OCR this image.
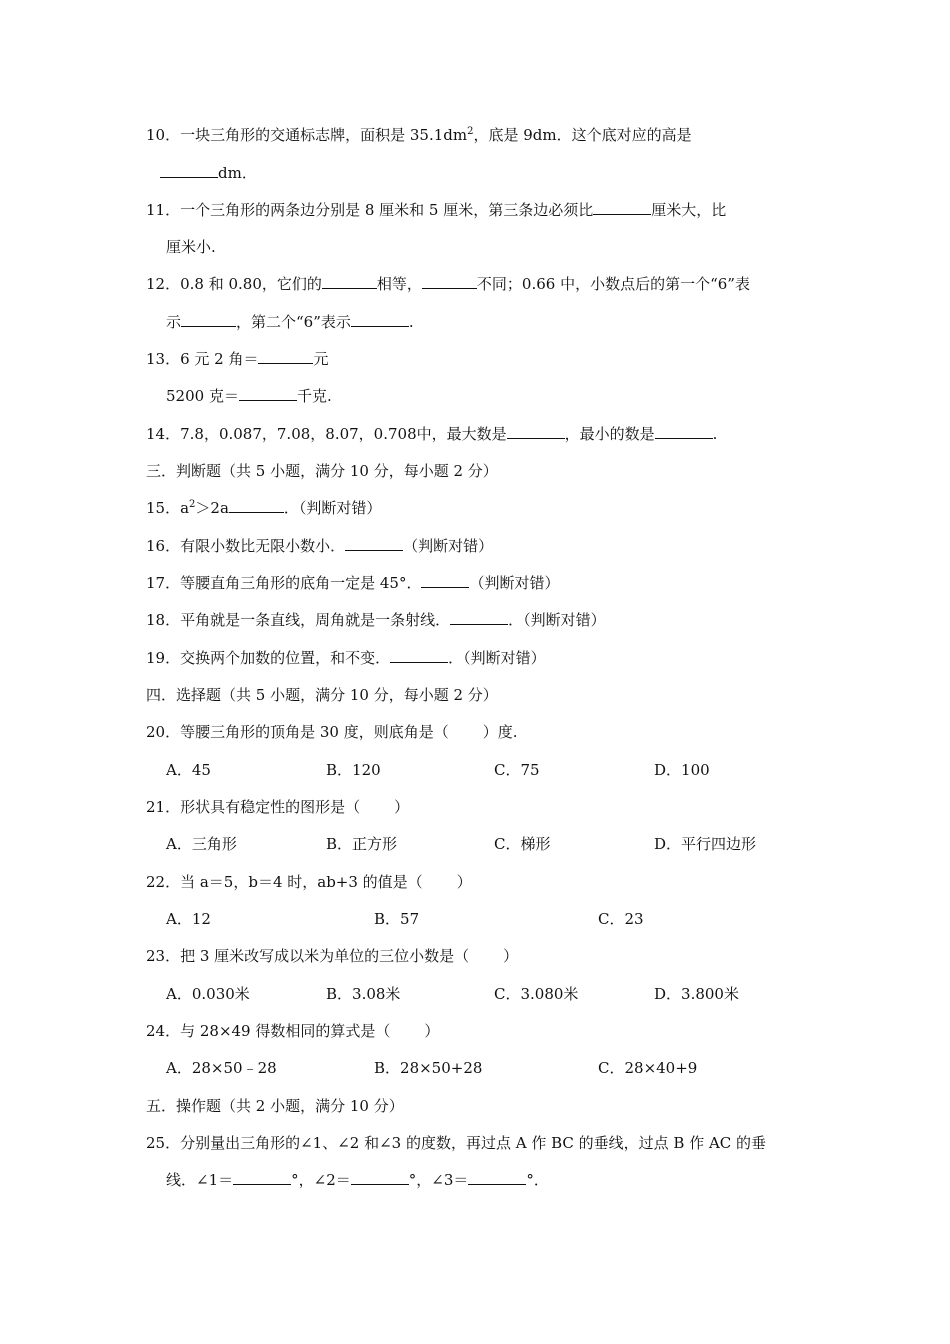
10．一块三角形的交通标志牌，面积是 $35.1dm^2$，底是 9dm．这个底对应的高是
dm．
11．一个三角形的两条边分别是 8 厘米和 5 厘米，第三条边必须比	厘米大，比
厘米小.
12．0.8 和 0.80，它们的	相等，	不同；0.66 中，小数点后的第一个“6”表
示	，第二个“6”表示	.
13．6 元 2 角＝	元
5200 克＝	千克.
14．7.8，0.087，7.08，8.07，0.708中，最大数是	，最小的数是	.
三．判断题（共 5 小题，满分 10 分，每小题 2 分）
15．$a^2>2a$	．（判断对错）
16．有限小数比无限小数小．	（判断对错）
17．等腰直角三角形的底角一定是 45°．	（判断对错）
18．平角就是一条直线，周角就是一条射线．	．（判断对错）
19．交换两个加数的位置，和不变．	．（判断对错）
四．选择题（共 5 小题，满分 10 分，每小题 2 分）
20．等腰三角形的顶角是 30 度，则底角是（ ）度.
A．45	B．120	C．75	D．100
21．形状具有稳定性的图形是（ ）
A．三角形	B．正方形	C．梯形	D．平行四边形
22．当 a＝5，b＝4 时，ab+3 的值是（ ）
A．12	B．57	C．23
23．把 3 厘米改写成以米为单位的三位小数是（ ）
A．0.030米	B．3.08米	C．3.080米	D．3.800米
24．与 28×49 得数相同的算式是（ ）
A．28×50﹣28	B．28×50+28	C．28×40+9
五．操作题（共 2 小题，满分 10 分）
25．分别量出三角形的∠1、∠2 和∠3 的度数，再过点 A 作 BC 的垂线，过点 B 作 AC 的垂
线．∠1＝	°，∠2＝	°，∠3＝	°．
